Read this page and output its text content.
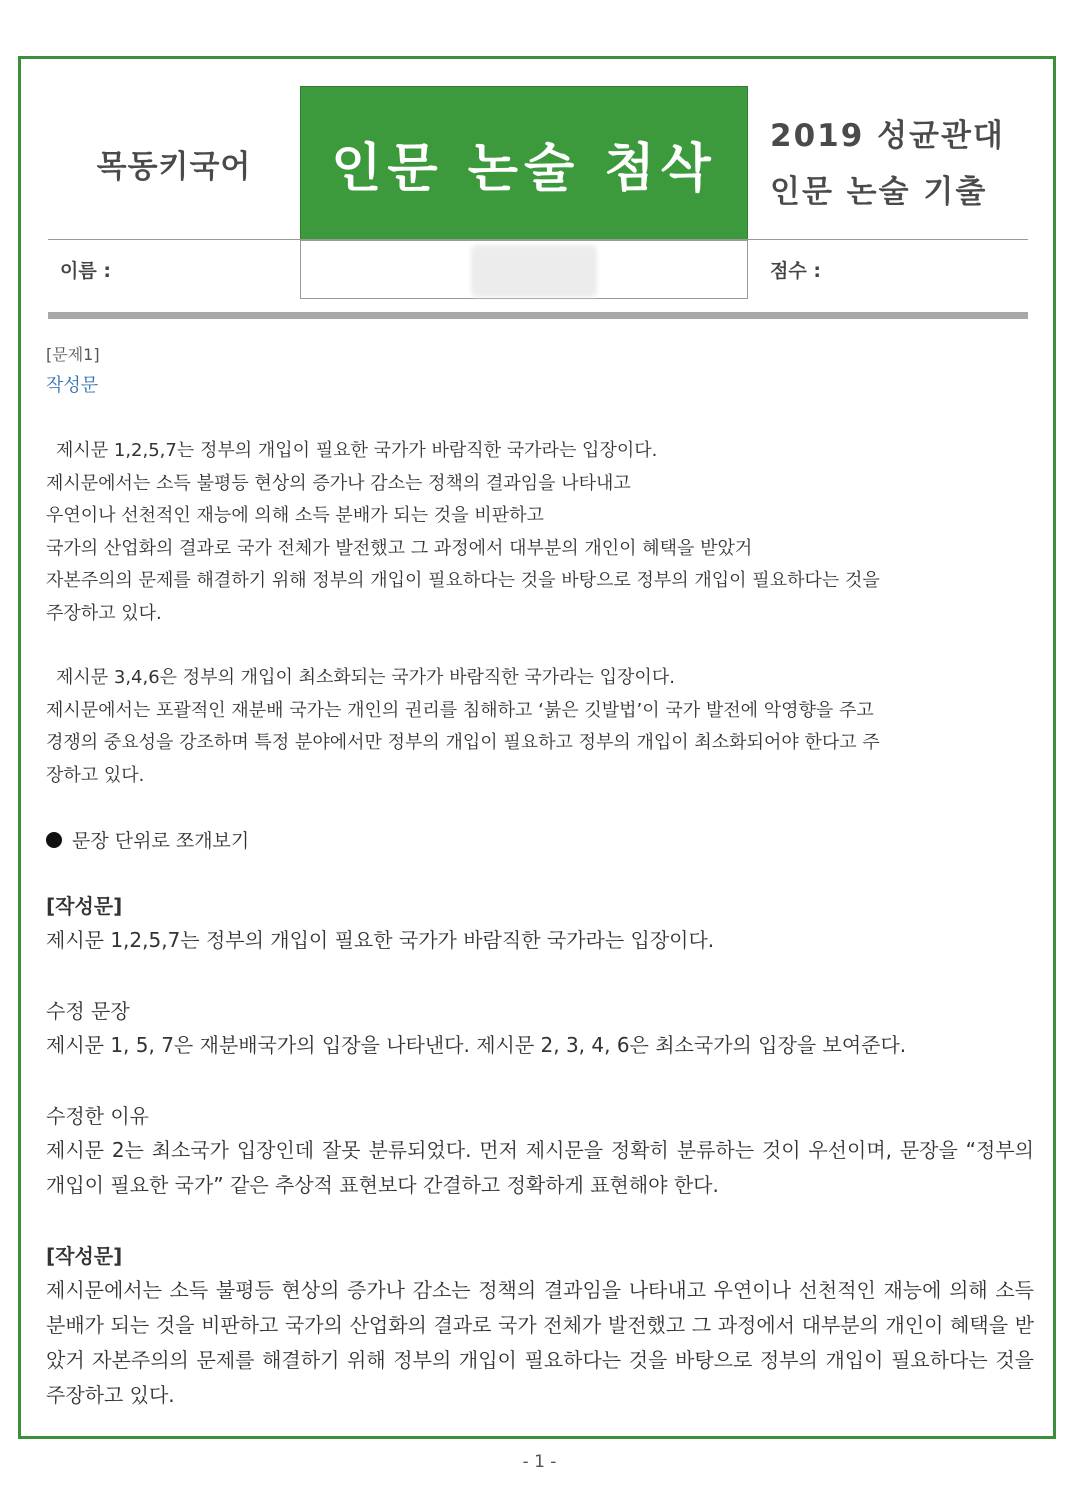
목동키국어	인문 논술 첨삭
2019 성균관대
인문 논술 기출
이름 :	점수 :
[문제1]
작성문

제시문 1,2,5,7는 정부의 개입이 필요한 국가가 바람직한 국가라는 입장이다.
제시문에서는 소득 불평등 현상의 증가나 감소는 정책의 결과임을 나타내고
우연이나 선천적인 재능에 의해 소득 분배가 되는 것을 비판하고
국가의 산업화의 결과로 국가 전체가 발전했고 그 과정에서 대부분의 개인이 혜택을 받았거
자본주의의 문제를 해결하기 위해 정부의 개입이 필요하다는 것을 바탕으로 정부의 개입이 필요하다는 것을
주장하고 있다.

제시문 3,4,6은 정부의 개입이 최소화되는 국가가 바람직한 국가라는 입장이다.
제시문에서는 포괄적인 재분배 국가는 개인의 권리를 침해하고 ‘붉은 깃발법’이 국가 발전에 악영향을 주고
경쟁의 중요성을 강조하며 특정 분야에서만 정부의 개입이 필요하고 정부의 개입이 최소화되어야 한다고 주
장하고 있다.

문장 단위로 쪼개보기
[작성문]

제시문 1,2,5,7는 정부의 개입이 필요한 국가가 바람직한 국가라는 입장이다.

수정 문장

제시문 1, 5, 7은 재분배국가의 입장을 나타낸다. 제시문 2, 3, 4, 6은 최소국가의 입장을 보여준다.

수정한 이유

제시문 2는 최소국가 입장인데 잘못 분류되었다. 먼저 제시문을 정확히 분류하는 것이 우선이며, 문장을 “정부의 개입이 필요한 국가” 같은 추상적 표현보다 간결하고 정확하게 표현해야 한다.

[작성문]

제시문에서는 소득 불평등 현상의 증가나 감소는 정책의 결과임을 나타내고 우연이나 선천적인 재능에 의해 소득 분배가 되는 것을 비판하고 국가의 산업화의 결과로 국가 전체가 발전했고 그 과정에서 대부분의 개인이 혜택을 받았거 자본주의의 문제를 해결하기 위해 정부의 개입이 필요하다는 것을 바탕으로 정부의 개입이 필요하다는 것을 주장하고 있다.

- 1 -
